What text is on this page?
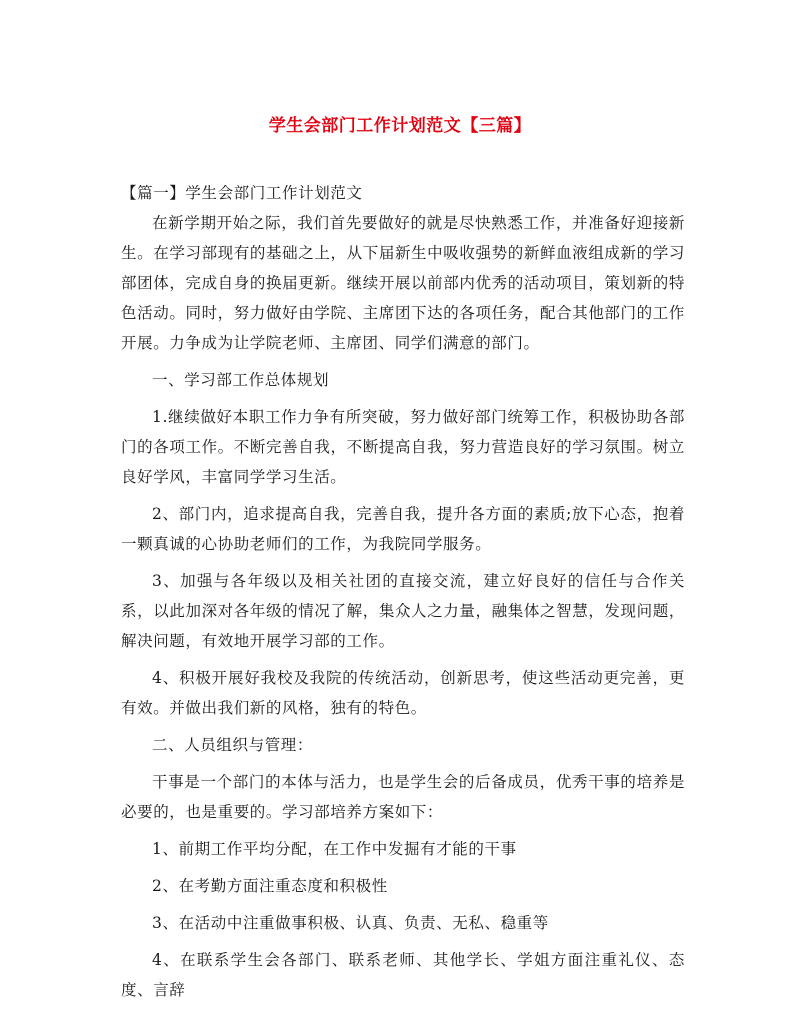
学生会部门工作计划范文【三篇】

【篇一】学生会部门工作计划范文

在新学期开始之际，我们首先要做好的就是尽快熟悉工作，并准备好迎接新生。在学习部现有的基础之上，从下届新生中吸收强势的新鲜血液组成新的学习部团体，完成自身的换届更新。继续开展以前部内优秀的活动项目，策划新的特色活动。同时，努力做好由学院、主席团下达的各项任务，配合其他部门的工作开展。力争成为让学院老师、主席团、同学们满意的部门。

一、学习部工作总体规划

1.继续做好本职工作力争有所突破，努力做好部门统筹工作，积极协助各部门的各项工作。不断完善自我，不断提高自我，努力营造良好的学习氛围。树立良好学风，丰富同学学习生活。

2、部门内，追求提高自我，完善自我，提升各方面的素质;放下心态，抱着一颗真诚的心协助老师们的工作，为我院同学服务。

3、加强与各年级以及相关社团的直接交流，建立好良好的信任与合作关系，以此加深对各年级的情况了解，集众人之力量，融集体之智慧，发现问题，解决问题，有效地开展学习部的工作。

4、积极开展好我校及我院的传统活动，创新思考，使这些活动更完善，更有效。并做出我们新的风格，独有的特色。

二、人员组织与管理：

干事是一个部门的本体与活力，也是学生会的后备成员，优秀干事的培养是必要的，也是重要的。学习部培养方案如下：

1、前期工作平均分配，在工作中发掘有才能的干事

2、在考勤方面注重态度和积极性

3、在活动中注重做事积极、认真、负责、无私、稳重等

4、在联系学生会各部门、联系老师、其他学长、学姐方面注重礼仪、态度、言辞
